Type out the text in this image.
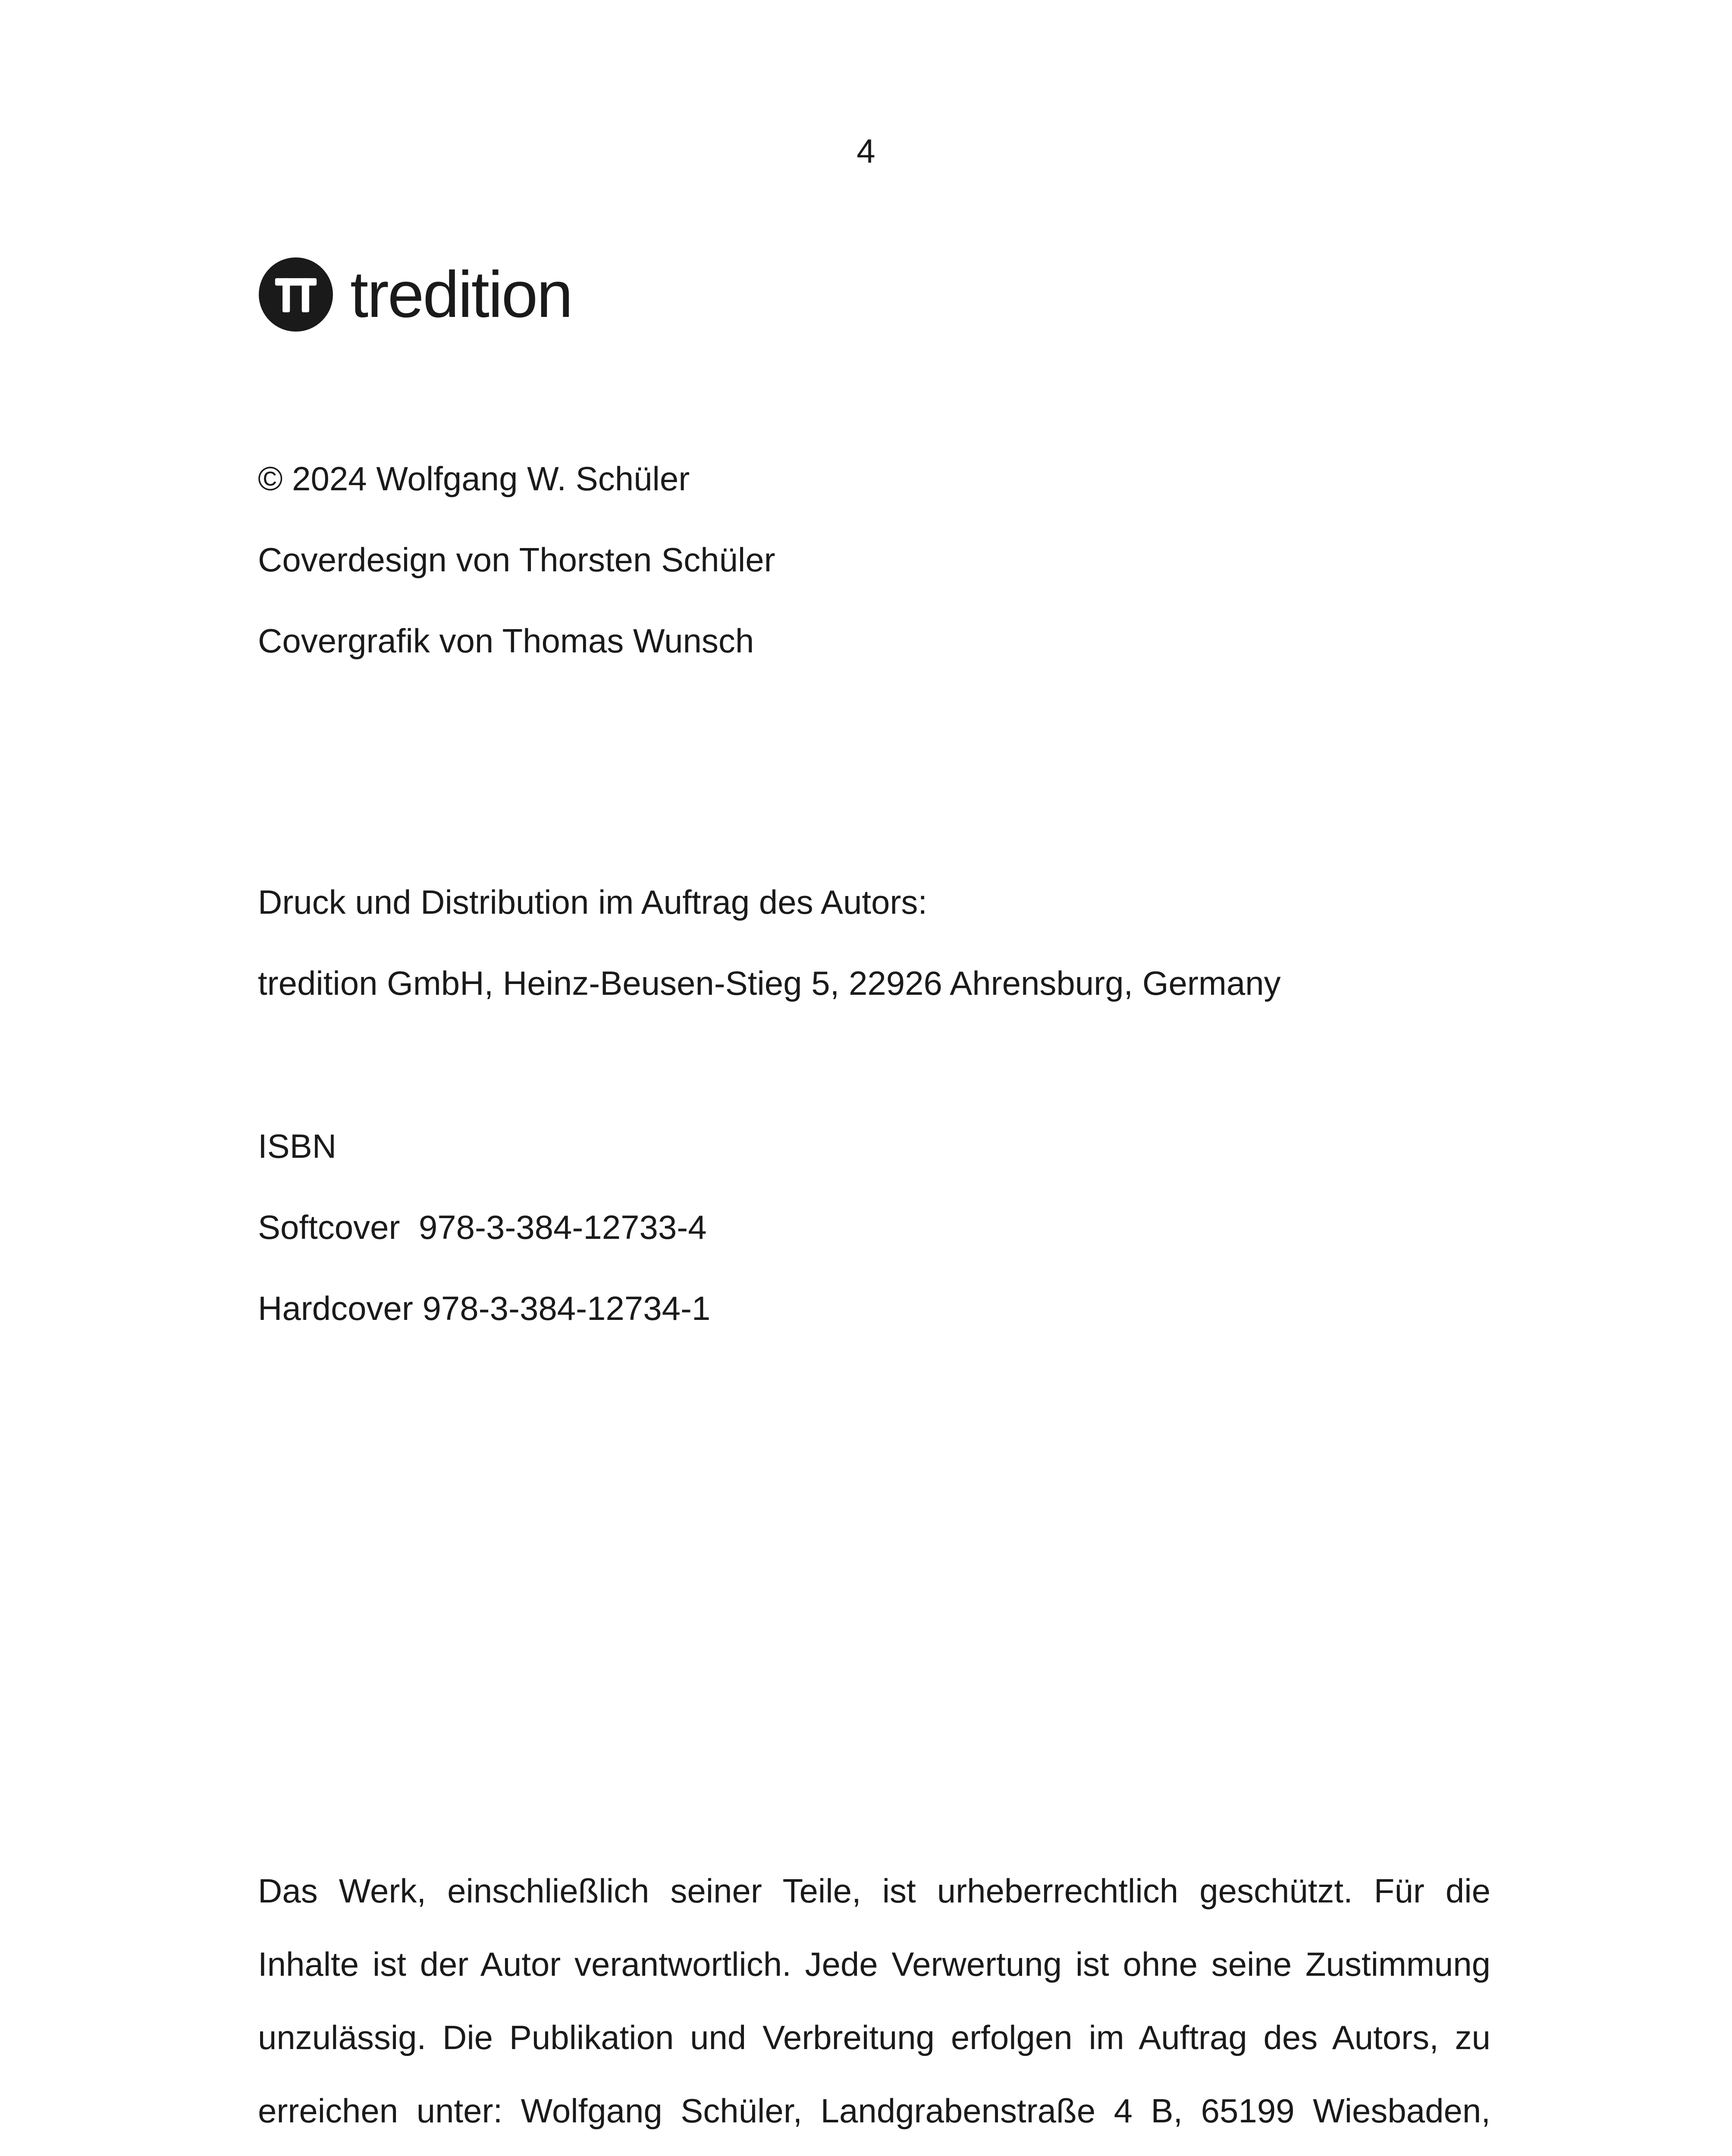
4
tredition
© 2024 Wolfgang W. Schüler
Coverdesign von Thorsten Schüler
Covergrafik von Thomas Wunsch
Druck und Distribution im Auftrag des Autors:
tredition GmbH, Heinz-Beusen-Stieg 5, 22926 Ahrensburg, Germany
ISBN
Softcover  978-3-384-12733-4
Hardcover 978-3-384-12734-1

Das Werk, einschließlich seiner Teile, ist urheberrechtlich geschützt. Für die Inhalte ist der Autor verantwortlich. Jede Verwertung ist ohne seine Zustimmung unzulässig. Die Publikation und Verbreitung erfolgen im Auftrag des Autors, zu erreichen unter: Wolfgang Schüler, Landgrabenstraße 4 B, 65199 Wiesbaden,
